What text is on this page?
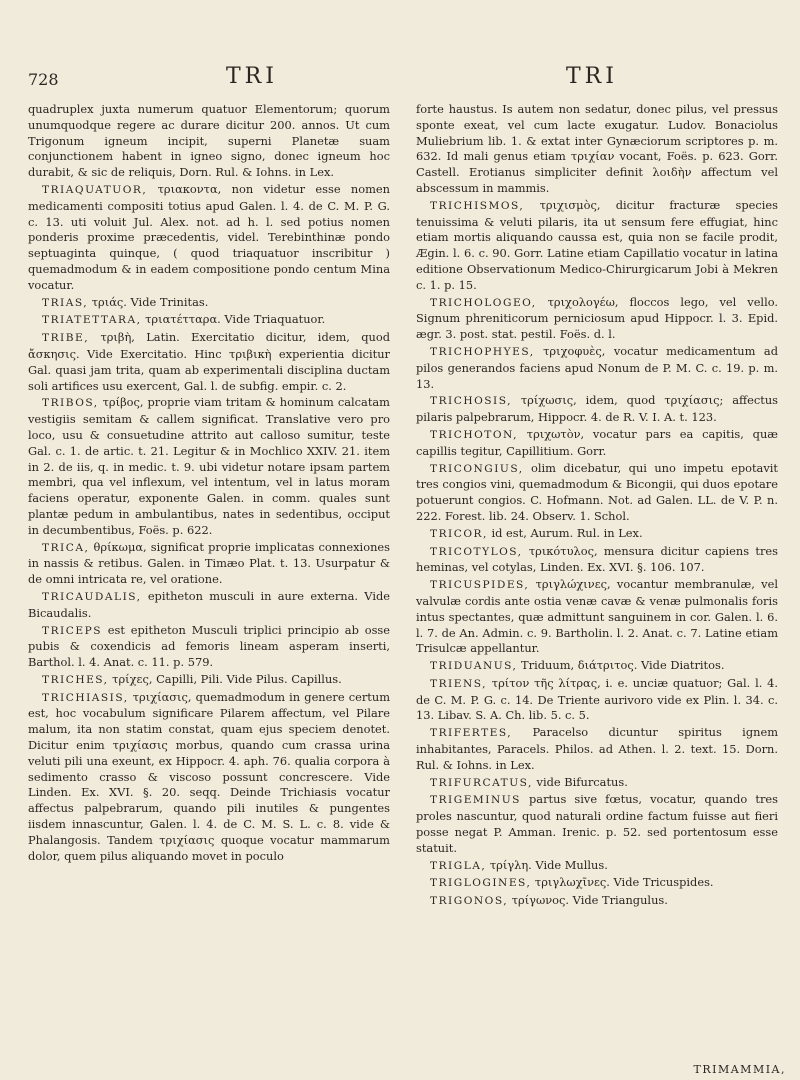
728	TRI	TRI

quadruplex juxta numerum quatuor Elementorum; quorum unumquodque regere ac durare dicitur 200. annos. Ut cum Trigonum igneum incipit, superni Planetæ suam conjunctionem habent in igneo signo, donec igneum hoc durabit, & sic de reliquis, Dorn. Rul. & Iohns. in Lex.

TRIAQUATUOR, τριακοντα, non videtur esse nomen medicamenti compositi totius apud Galen. l. 4. de C. M. P. G. c. 13. uti voluit Jul. Alex. not. ad h. l. sed potius nomen ponderis proxime præcedentis, videl. Terebinthinæ pondo septuaginta quinque, ( quod triaquatuor inscribitur ) quemadmodum & in eadem compositione pondo centum Mina vocatur.

TRIAS, τριάς. Vide Trinitas.

TRIATETTARA, τριατέτταρα. Vide Triaquatuor.

TRIBE, τριβὴ, Latin. Exercitatio dicitur, idem, quod ἄσκησις. Vide Exercitatio. Hinc τριβικὴ experientia dicitur Gal. quasi jam trita, quam ab experimentali disciplina ductam soli artifices usu exercent, Gal. l. de subfig. empir. c. 2.

TRIBOS, τρίβος, proprie viam tritam & hominum calcatam vestigiis semitam & callem significat. Translative vero pro loco, usu & consuetudine attrito aut calloso sumitur, teste Gal. c. 1. de artic. t. 21. Legitur & in Mochlico XXIV. 21. item in 2. de iis, q. in medic. t. 9. ubi videtur notare ipsam partem membri, qua vel inflexum, vel intentum, vel in latus moram faciens operatur, exponente Galen. in comm. quales sunt plantæ pedum in ambulantibus, nates in sedentibus, occiput in decumbentibus, Foës. p. 622.

TRICA, θρίκωμα, significat proprie implicatas connexiones in nassis & retibus. Galen. in Timæo Plat. t. 13. Usurpatur & de omni intricata re, vel oratione.

TRICAUDALIS, epitheton musculi in aure externa. Vide Bicaudalis.

TRICEPS est epitheton Musculi triplici principio ab osse pubis & coxendicis ad femoris lineam asperam inserti, Barthol. l. 4. Anat. c. 11. p. 579.

TRICHES, τρίχες, Capilli, Pili. Vide Pilus. Capillus.

TRICHIASIS, τριχίασις, quemadmodum in genere certum est, hoc vocabulum significare Pilarem affectum, vel Pilare malum, ita non statim constat, quam ejus speciem denotet. Dicitur enim τριχίασις morbus, quando cum crassa urina veluti pili una exeunt, ex Hippocr. 4. aph. 76. qualia corpora à sedimento crasso & viscoso possunt concrescere. Vide Linden. Ex. XVI. §. 20. seqq. Deinde Trichiasis vocatur affectus palpebrarum, quando pili inutiles & pungentes iisdem innascuntur, Galen. l. 4. de C. M. S. L. c. 8. vide & Phalangosis. Tandem τριχίασις quoque vocatur mammarum dolor, quem pilus aliquando movet in poculo

forte haustus. Is autem non sedatur, donec pilus, vel pressus sponte exeat, vel cum lacte exugatur. Ludov. Bonaciolus Muliebrium lib. 1. & extat inter Gynæciorum scriptores p. m. 632. Id mali genus etiam τριχίαν vocant, Foës. p. 623. Gorr. Castell. Erotianus simpliciter definit λοιδὴν affectum vel abscessum in mammis.

TRICHISMOS, τριχισμὸς, dicitur fracturæ species tenuissima & veluti pilaris, ita ut sensum fere effugiat, hinc etiam mortis aliquando caussa est, quia non se facile prodit, Ægin. l. 6. c. 90. Gorr. Latine etiam Capillatio vocatur in latina editione Observationum Medico-Chirurgicarum Jobi à Mekren c. 1. p. 15.

TRICHOLOGEO, τριχολογέω, floccos lego, vel vello. Signum phreniticorum perniciosum apud Hippocr. l. 3. Epid. ægr. 3. post. stat. pestil. Foës. d. l.

TRICHOPHYES, τριχοφυὲς, vocatur medicamentum ad pilos generandos faciens apud Nonum de P. M. C. c. 19. p. m. 13.

TRICHOSIS, τρίχωσις, idem, quod τριχίασις; affectus pilaris palpebrarum, Hippocr. 4. de R. V. I. A. t. 123.

TRICHOTON, τριχωτὸν, vocatur pars ea capitis, quæ capillis tegitur, Capillitium. Gorr.

TRICONGIUS, olim dicebatur, qui uno impetu epotavit tres congios vini, quemadmodum & Bicongii, qui duos epotare potuerunt congios. C. Hofmann. Not. ad Galen. LL. de V. P. n. 222. Forest. lib. 24. Observ. 1. Schol.

TRICOR, id est, Aurum. Rul. in Lex.

TRICOTYLOS, τρικότυλος, mensura dicitur capiens tres heminas, vel cotylas, Linden. Ex. XVI. §. 106. 107.

TRICUSPIDES, τριγλώχινες, vocantur membranulæ, vel valvulæ cordis ante ostia venæ cavæ & venæ pulmonalis foris intus spectantes, quæ admittunt sanguinem in cor. Galen. l. 6. l. 7. de An. Admin. c. 9. Bartholin. l. 2. Anat. c. 7. Latine etiam Trisulcæ appellantur.

TRIDUANUS, Triduum, διάτριτος. Vide Diatritos.

TRIENS, τρίτον τῆς λίτρας, i. e. unciæ quatuor; Gal. l. 4. de C. M. P. G. c. 14. De Triente aurivoro vide ex Plin. l. 34. c. 13. Libav. S. A. Ch. lib. 5. c. 5.

TRIFERTES, Paracelso dicuntur spiritus ignem inhabitantes, Paracels. Philos. ad Athen. l. 2. text. 15. Dorn. Rul. & Iohns. in Lex.

TRIFURCATUS, vide Bifurcatus.

TRIGEMINUS partus sive fœtus, vocatur, quando tres proles nascuntur, quod naturali ordine factum fuisse aut fieri posse negat P. Amman. Irenic. p. 52. sed portentosum esse statuit.

TRIGLA, τρίγλη. Vide Mullus.

TRIGLOGINES, τριγλωχῖνες. Vide Tricuspides.

TRIGONOS, τρίγωνος. Vide Triangulus.

TRIMAMMIA,
